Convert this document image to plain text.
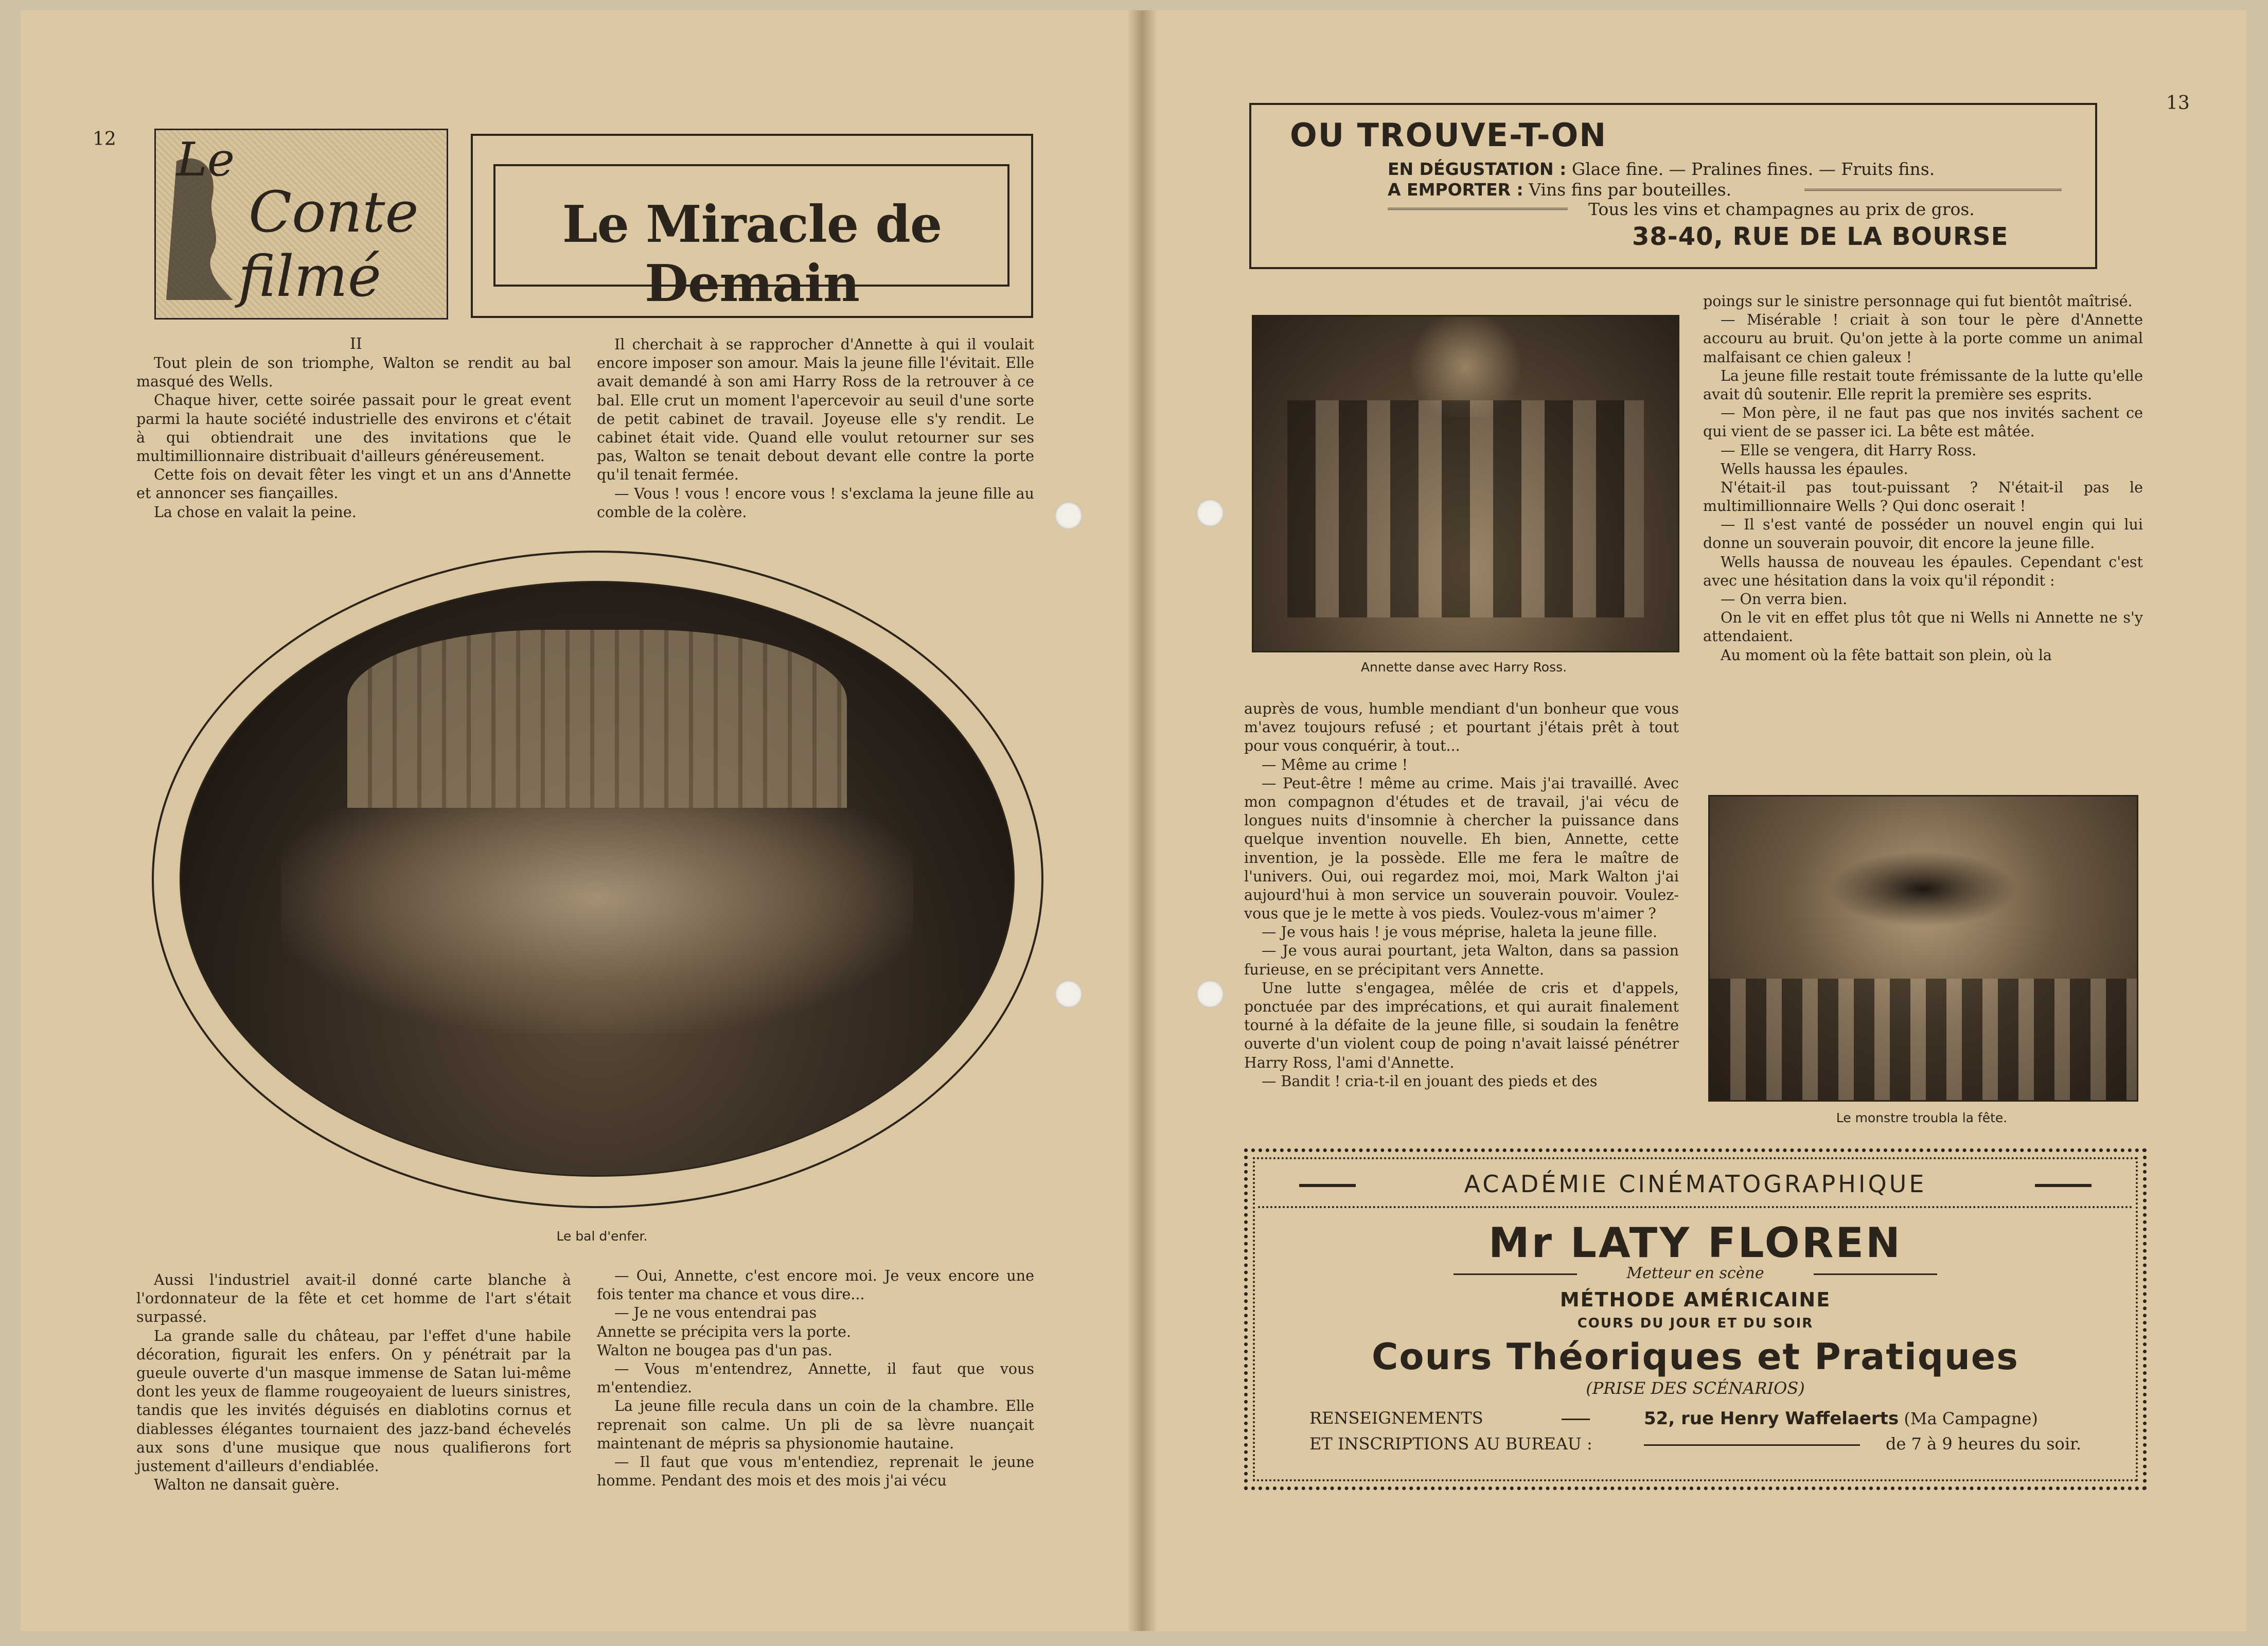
12 Le
Conte
filmé
Le Miracle de Demain
II

Tout plein de son triomphe, Walton se rendit au bal masqué des Wells.

Chaque hiver, cette soirée passait pour le great event parmi la haute société industrielle des environs et c'était à qui obtiendrait une des invitations que le multimillionnaire distribuait d'ailleurs généreusement.

Cette fois on devait fêter les vingt et un ans d'Annette et annoncer ses fiançailles.

La chose en valait la peine.

Il cherchait à se rapprocher d'Annette à qui il voulait encore imposer son amour. Mais la jeune fille l'évitait. Elle avait demandé à son ami Harry Ross de la retrouver à ce bal. Elle crut un moment l'apercevoir au seuil d'une sorte de petit cabinet de travail. Joyeuse elle s'y rendit. Le cabinet était vide. Quand elle voulut retourner sur ses pas, Walton se tenait debout devant elle contre la porte qu'il tenait fermée.

— Vous ! vous ! encore vous ! s'exclama la jeune fille au comble de la colère.

Le bal d'enfer.

Aussi l'industriel avait-il donné carte blanche à l'ordonnateur de la fête et cet homme de l'art s'était surpassé.

La grande salle du château, par l'effet d'une habile décoration, figurait les enfers. On y pénétrait par la gueule ouverte d'un masque immense de Satan lui-même dont les yeux de flamme rougeoyaient de lueurs sinistres, tandis que les invités déguisés en diablotins cornus et diablesses élégantes tournaient des jazz-band échevelés aux sons d'une musique que nous qualifierons fort justement d'ailleurs d'endiablée.

Walton ne dansait guère.

— Oui, Annette, c'est encore moi. Je veux encore une fois tenter ma chance et vous dire...

— Je ne vous entendrai pas

Annette se précipita vers la porte.

Walton ne bougea pas d'un pas.

— Vous m'entendrez, Annette, il faut que vous m'entendiez.

La jeune fille recula dans un coin de la chambre. Elle reprenait son calme. Un pli de sa lèvre nuançait maintenant de mépris sa physionomie hautaine.

— Il faut que vous m'entendiez, reprenait le jeune homme. Pendant des mois et des mois j'ai vécu

13
OU TROUVE-T-ON
EN DÉGUSTATION : Glace fine. — Pralines fines. — Fruits fins.
A EMPORTER : Vins fins par bouteilles.
Tous les vins et champagnes au prix de gros.
38-40, RUE DE LA BOURSE
Annette danse avec Harry Ross.

poings sur le sinistre personnage qui fut bientôt maîtrisé.

— Misérable ! criait à son tour le père d'Annette accouru au bruit. Qu'on jette à la porte comme un animal malfaisant ce chien galeux !

La jeune fille restait toute frémissante de la lutte qu'elle avait dû soutenir. Elle reprit la première ses esprits.

— Mon père, il ne faut pas que nos invités sachent ce qui vient de se passer ici. La bête est mâtée.

— Elle se vengera, dit Harry Ross.

Wells haussa les épaules.

N'était-il pas tout-puissant ? N'était-il pas le multimillionnaire Wells ? Qui donc oserait !

— Il s'est vanté de posséder un nouvel engin qui lui donne un souverain pouvoir, dit encore la jeune fille.

Wells haussa de nouveau les épaules. Cependant c'est avec une hésitation dans la voix qu'il répondit :

— On verra bien.

On le vit en effet plus tôt que ni Wells ni Annette ne s'y attendaient.

Au moment où la fête battait son plein, où la

auprès de vous, humble mendiant d'un bonheur que vous m'avez toujours refusé ; et pourtant j'étais prêt à tout pour vous conquérir, à tout...

— Même au crime !

— Peut-être ! même au crime. Mais j'ai travaillé. Avec mon compagnon d'études et de travail, j'ai vécu de longues nuits d'insomnie à chercher la puissance dans quelque invention nouvelle. Eh bien, Annette, cette invention, je la possède. Elle me fera le maître de l'univers. Oui, oui regardez moi, moi, Mark Walton j'ai aujourd'hui à mon service un souverain pouvoir. Voulez-vous que je le mette à vos pieds. Voulez-vous m'aimer ?

— Je vous hais ! je vous méprise, haleta la jeune fille.

— Je vous aurai pourtant, jeta Walton, dans sa passion furieuse, en se précipitant vers Annette.

Une lutte s'engagea, mêlée de cris et d'appels, ponctuée par des imprécations, et qui aurait finalement tourné à la défaite de la jeune fille, si soudain la fenêtre ouverte d'un violent coup de poing n'avait laissé pénétrer Harry Ross, l'ami d'Annette.

— Bandit ! cria-t-il en jouant des pieds et des

Le monstre troubla la fête.
ACADÉMIE CINÉMATOGRAPHIQUE
Mr LATY FLOREN
Metteur en scène
MÉTHODE AMÉRICAINE
COURS DU JOUR ET DU SOIR
Cours Théoriques et Pratiques
(PRISE DES SCÉNARIOS)
RENSEIGNEMENTS
ET INSCRIPTIONS AU BUREAU :
52, rue Henry Waffelaerts (Ma Campagne)
de 7 à 9 heures du soir.
